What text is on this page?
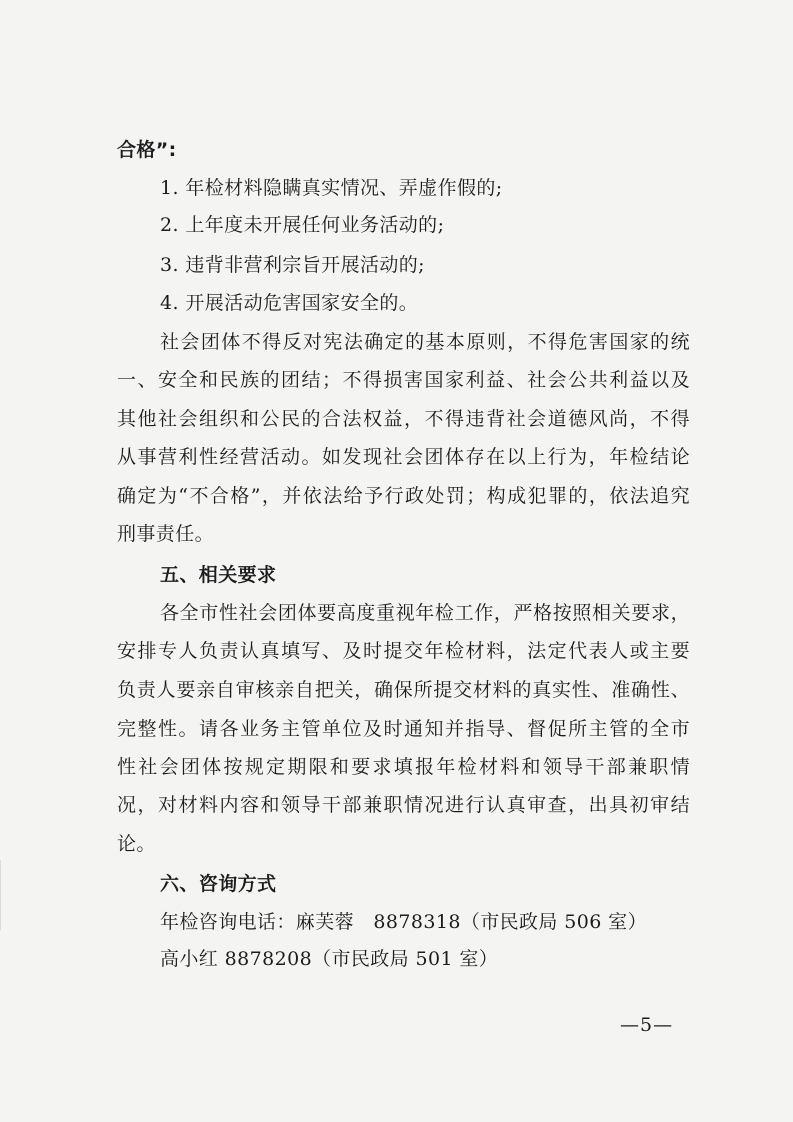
合格”:
1. 年检材料隐瞒真实情况、弄虚作假的;
2. 上年度未开展任何业务活动的;
3. 违背非营利宗旨开展活动的;
4. 开展活动危害国家安全的。
社会团体不得反对宪法确定的基本原则，不得危害国家的统
一、安全和民族的团结；不得损害国家利益、社会公共利益以及
其他社会组织和公民的合法权益，不得违背社会道德风尚，不得
从事营利性经营活动。如发现社会团体存在以上行为，年检结论
确定为“不合格”，并依法给予行政处罚；构成犯罪的，依法追究
刑事责任。
五、相关要求
各全市性社会团体要高度重视年检工作，严格按照相关要求，
安排专人负责认真填写、及时提交年检材料，法定代表人或主要
负责人要亲自审核亲自把关，确保所提交材料的真实性、准确性、
完整性。请各业务主管单位及时通知并指导、督促所主管的全市
性社会团体按规定期限和要求填报年检材料和领导干部兼职情
况，对材料内容和领导干部兼职情况进行认真审查，出具初审结
论。
六、咨询方式
年检咨询电话：麻芙蓉　8878318（市民政局 506 室）
高小红 8878208（市民政局 501 室）
—5—
